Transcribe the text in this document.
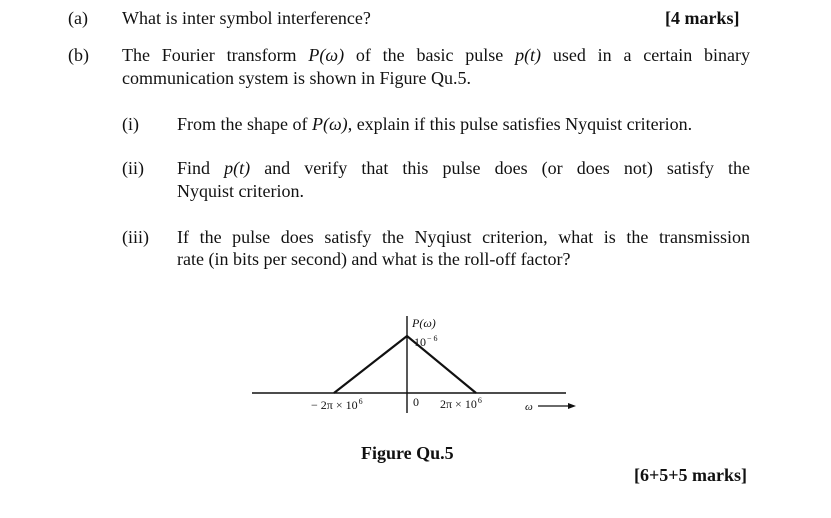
(a) What is inter symbol interference?	[4 marks]
(b) The Fourier transform P(ω) of the basic pulse p(t) used in a certain binary
communication system is shown in Figure Qu.5.
(i) From the shape of P(ω), explain if this pulse satisfies Nyquist criterion.
(ii) Find p(t) and verify that this pulse does (or does not) satisfy the
Nyquist criterion.
(iii) If the pulse does satisfy the Nyqiust criterion, what is the transmission
rate (in bits per second) and what is the roll-off factor?
P(ω)
$10^{- 6}$
− $2\pi \times 10^6$	0 $2\pi \times 10^6$
ω
Figure Qu.5
[6+5+5 marks]
